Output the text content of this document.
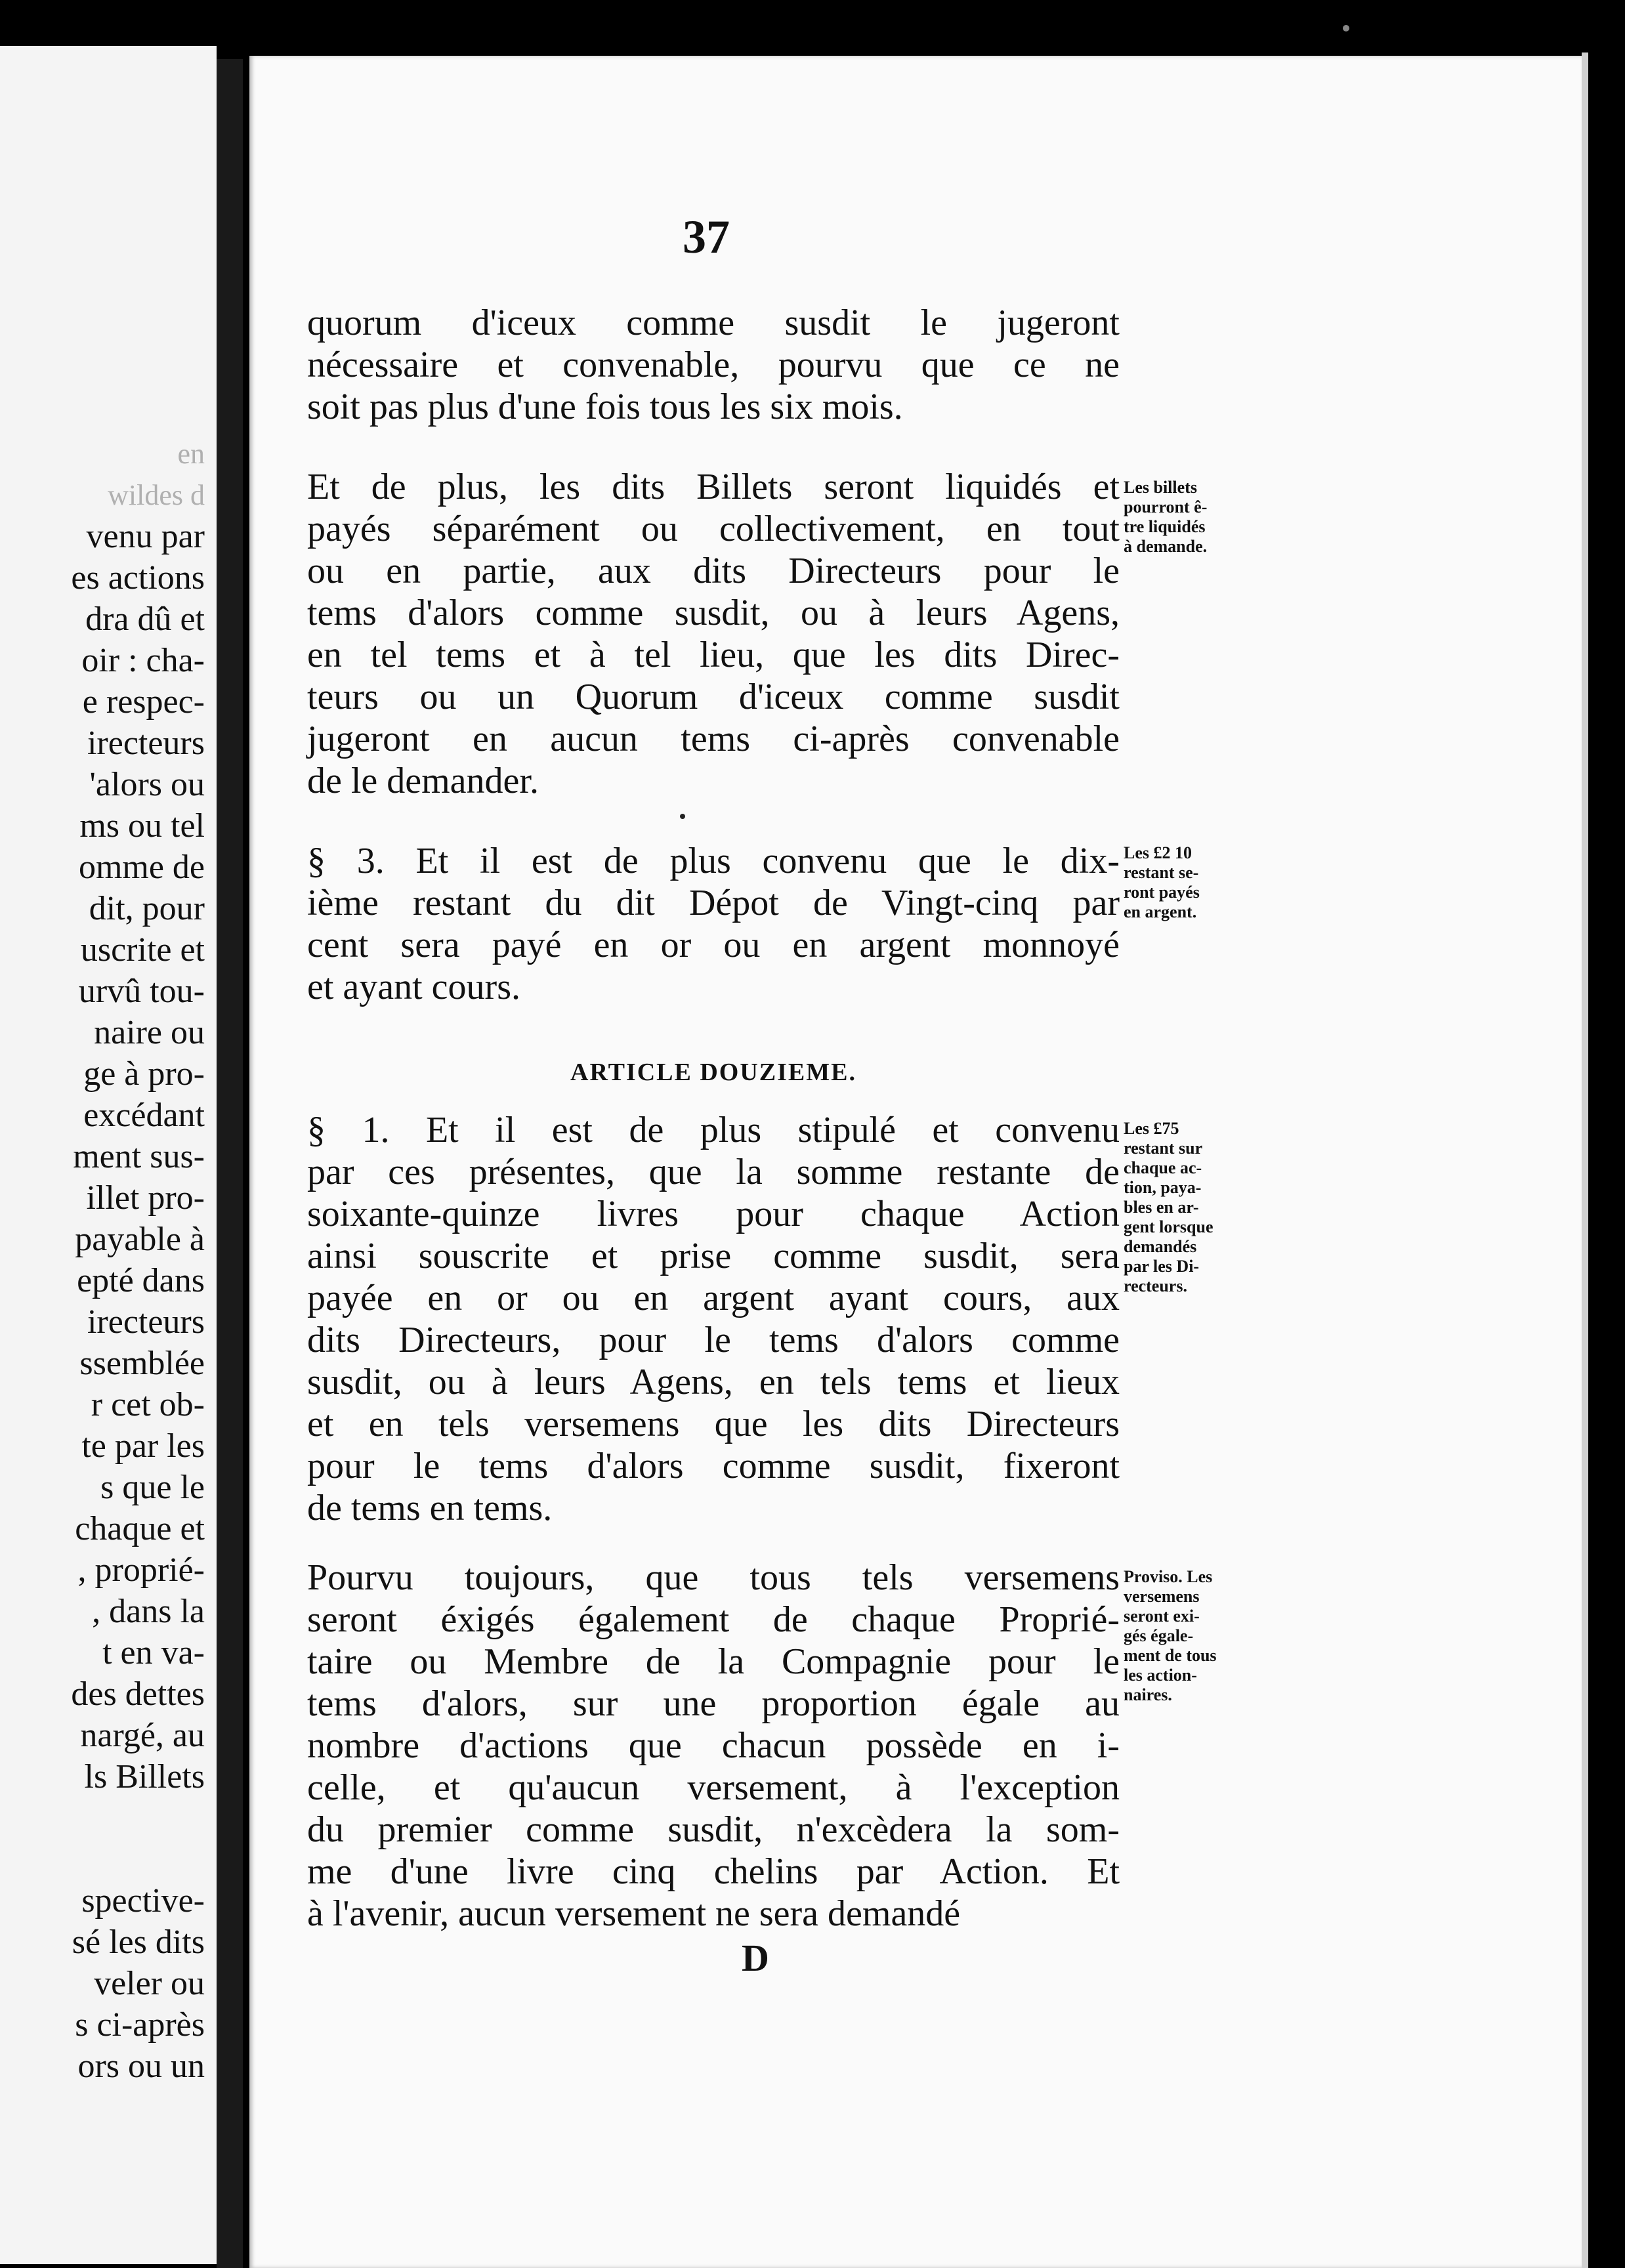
en
wildes d
venu par
es actions
dra dû et
oir : cha-
e respec-
irecteurs
'alors ou
ms ou tel
omme de
dit, pour
uscrite et
urvû tou-
naire ou
ge à pro-
excédant
ment sus-
illet pro-
payable à
epté dans
irecteurs
ssemblée
r cet ob-
te par les
s que le
chaque et
, proprié-
, dans la
t en va-
des dettes
nargé, au
ls Billets
spective-
sé les dits
veler ou
s ci-après
ors ou un
37
quorum d'iceux comme susdit le jugeront
nécessaire et convenable, pourvu que ce ne
soit pas plus d'une fois tous les six mois.
Et de plus, les dits Billets seront liquidés et
payés séparément ou collectivement, en tout
ou en partie, aux dits Directeurs pour le
tems d'alors comme susdit, ou à leurs Agens,
en tel tems et à tel lieu, que les dits Direc-
teurs ou un Quorum d'iceux comme susdit
jugeront en aucun tems ci-après convenable
de le demander.
Les billets
pourront ê-
tre liquidés
à demande.
§ 3. Et il est de plus convenu que le dix-
ième restant du dit Dépot de Vingt-cinq par
cent sera payé en or ou en argent monnoyé
et ayant cours.
Les £2 10
restant se-
ront payés
en argent.
ARTICLE DOUZIEME.
§ 1. Et il est de plus stipulé et convenu
par ces présentes, que la somme restante de
soixante-quinze livres pour chaque Action
ainsi souscrite et prise comme susdit, sera
payée en or ou en argent ayant cours, aux
dits Directeurs, pour le tems d'alors comme
susdit, ou à leurs Agens, en tels tems et lieux
et en tels versemens que les dits Directeurs
pour le tems d'alors comme susdit, fixeront
de tems en tems.
Les £75
restant sur
chaque ac-
tion, paya-
bles en ar-
gent lorsque
demandés
par les Di-
recteurs.
Pourvu toujours, que tous tels versemens
seront éxigés également de chaque Proprié-
taire ou Membre de la Compagnie pour le
tems d'alors, sur une proportion égale au
nombre d'actions que chacun possède en i-
celle, et qu'aucun versement, à l'exception
du premier comme susdit, n'excèdera la som-
me d'une livre cinq chelins par Action. Et
à l'avenir, aucun versement ne sera demandé
Proviso. Les
versemens
seront exi-
gés égale-
ment de tous
les action-
naires.
D
